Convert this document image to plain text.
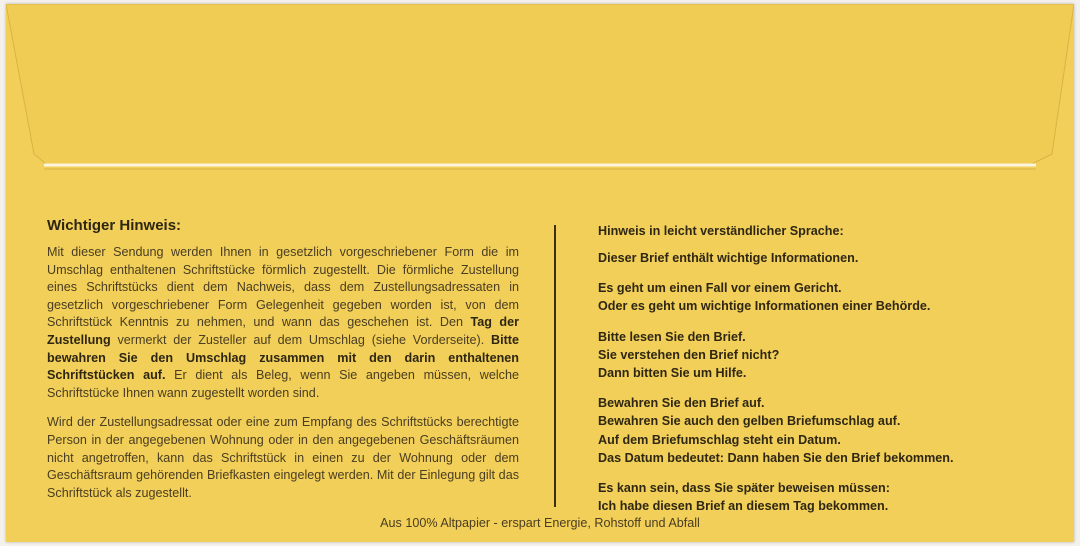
Wichtiger Hinweis:

Mit dieser Sendung werden Ihnen in gesetzlich vorgeschriebener Form die im Umschlag enthaltenen Schriftstücke förmlich zugestellt. Die förmliche Zustellung eines Schriftstücks dient dem Nachweis, dass dem Zustellungsadressaten in gesetzlich vorgeschriebener Form Gelegenheit gegeben worden ist, von dem Schriftstück Kenntnis zu nehmen, und wann das geschehen ist. Den Tag der Zustellung vermerkt der Zusteller auf dem Umschlag (siehe Vorderseite). Bitte bewahren Sie den Umschlag zusammen mit den darin enthaltenen Schriftstücken auf. Er dient als Beleg, wenn Sie angeben müssen, welche Schriftstücke Ihnen wann zugestellt worden sind.

Wird der Zustellungsadressat oder eine zum Empfang des Schriftstücks berechtigte Person in der angegebenen Wohnung oder in den angegebenen Geschäftsräumen nicht angetroffen, kann das Schriftstück in einen zu der Wohnung oder dem Geschäftsraum gehörenden Briefkasten eingelegt werden. Mit der Einlegung gilt das Schriftstück als zugestellt.

Hinweis in leicht verständlicher Sprache:
Dieser Brief enthält wichtige Informationen.
Es geht um einen Fall vor einem Gericht.
Oder es geht um wichtige Informationen einer Behörde.
Bitte lesen Sie den Brief.
Sie verstehen den Brief nicht?
Dann bitten Sie um Hilfe.
Bewahren Sie den Brief auf.
Bewahren Sie auch den gelben Briefumschlag auf.
Auf dem Briefumschlag steht ein Datum.
Das Datum bedeutet: Dann haben Sie den Brief bekommen.
Es kann sein, dass Sie später beweisen müssen:
Ich habe diesen Brief an diesem Tag bekommen.
Aus 100% Altpapier - erspart Energie, Rohstoff und Abfall
